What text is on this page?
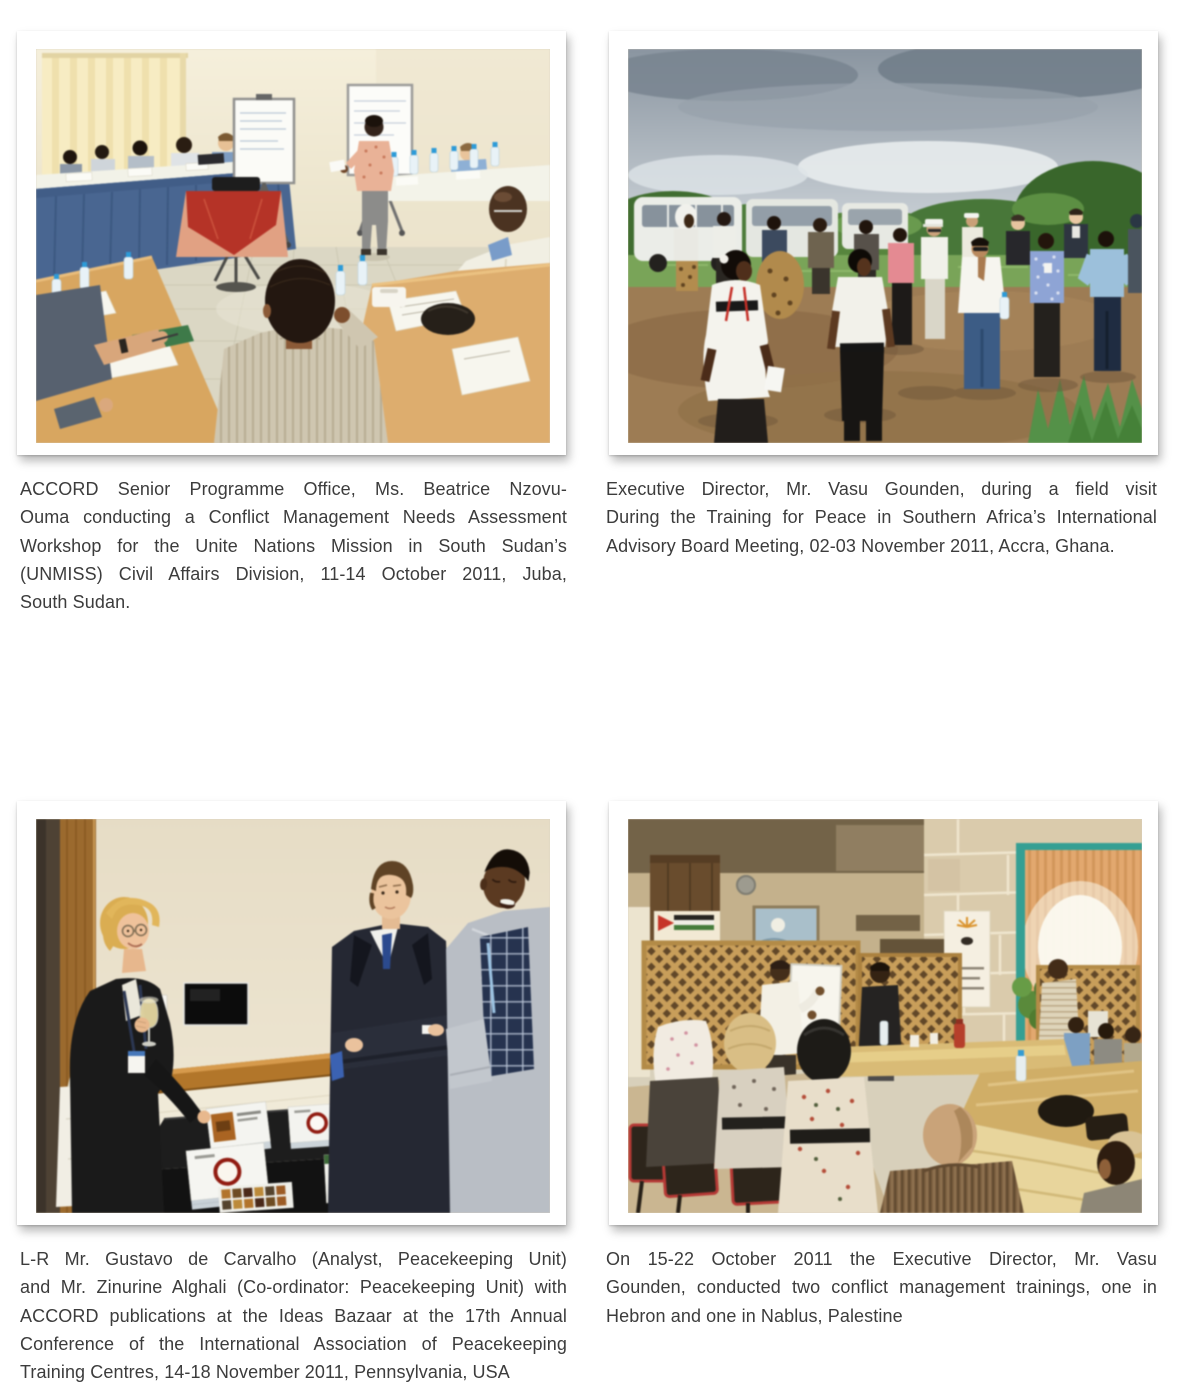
ACCORD Senior Programme Office, Ms. Beatrice Nzovu-
Ouma conducting a Conflict Management Needs Assessment
Workshop for the Unite Nations Mission in South Sudan’s
(UNMISS) Civil Affairs Division, 11-14 October 2011, Juba,
South Sudan.
Executive Director, Mr. Vasu Gounden, during a field visit
During the Training for Peace in Southern Africa’s International
Advisory Board Meeting, 02-03 November 2011, Accra, Ghana.
L-R Mr. Gustavo de Carvalho (Analyst, Peacekeeping Unit)
and Mr. Zinurine Alghali (Co-ordinator: Peacekeeping Unit) with
ACCORD publications at the Ideas Bazaar at the 17th Annual
Conference of the International Association of Peacekeeping
Training Centres, 14-18 November 2011, Pennsylvania, USA
On 15-22 October 2011 the Executive Director, Mr. Vasu
Gounden, conducted two conflict management trainings, one in
Hebron and one in Nablus, Palestine
